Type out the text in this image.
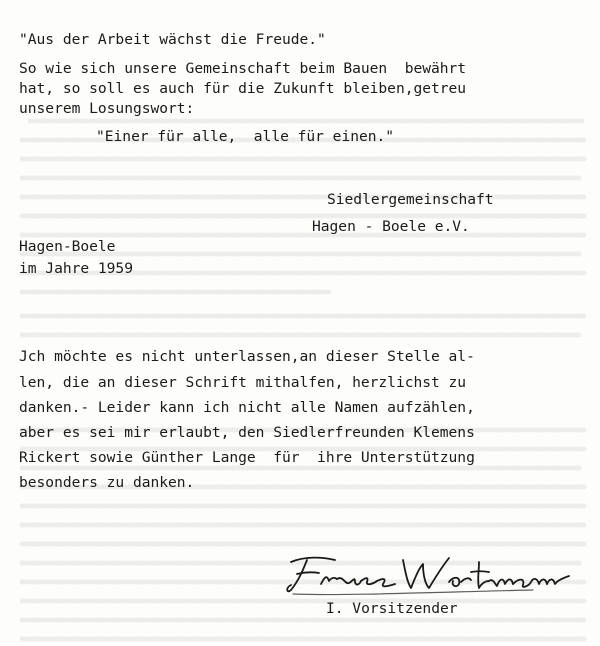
"Aus der Arbeit wächst die Freude."
So wie sich unsere Gemeinschaft beim Bauen  bewährt
hat, so soll es auch für die Zukunft bleiben,getreu
unserem Losungswort:
"Einer für alle,  alle für einen."
Siedlergemeinschaft
Hagen - Boele e.V.
Hagen-Boele
im Jahre 1959
Jch möchte es nicht unterlassen,an dieser Stelle al-
len, die an dieser Schrift mithalfen, herzlichst zu
danken.- Leider kann ich nicht alle Namen aufzählen,
aber es sei mir erlaubt, den Siedlerfreunden Klemens
Rickert sowie Günther Lange  für  ihre Unterstützung
besonders zu danken.
I. Vorsitzender
